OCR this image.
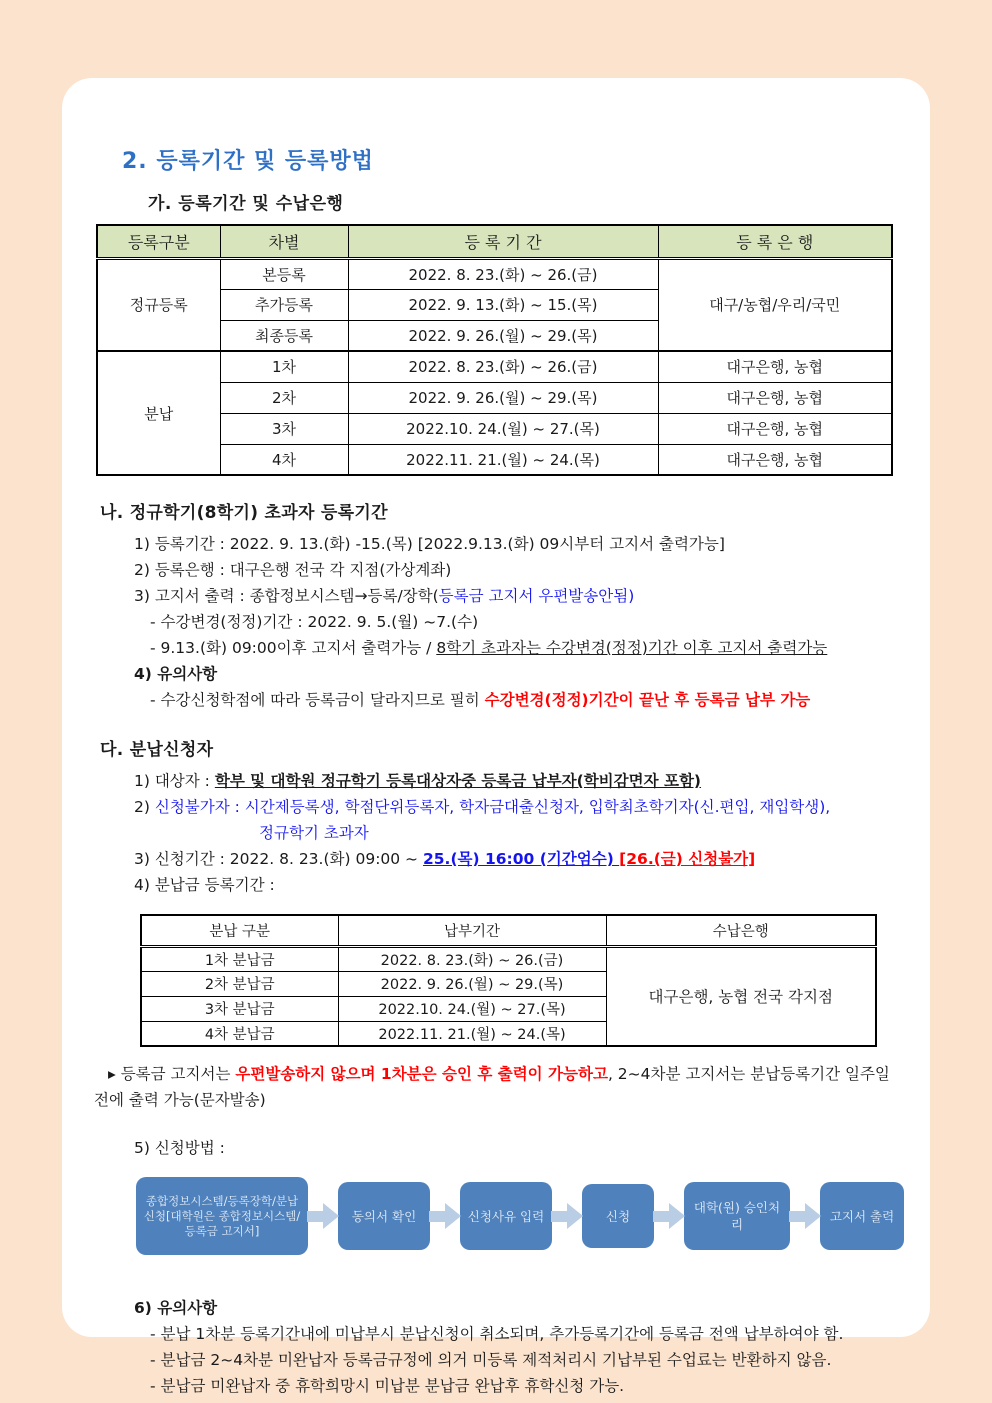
2. 등록기간 및 등록방법
가. 등록기간 및 수납은행
등록구분	차별	등 록 기 간	등 록 은 행
정규등록	본등록	2022. 8. 23.(화) ~ 26.(금)	대구/농협/우리/국민
	추가등록	2022. 9. 13.(화) ~ 15.(목)	
	최종등록	2022. 9. 26.(월) ~ 29.(목)	
분납	1차	2022. 8. 23.(화) ~ 26.(금)	대구은행, 농협
	2차	2022. 9. 26.(월) ~ 29.(목)	대구은행, 농협
	3차	2022.10. 24.(월) ~ 27.(목)	대구은행, 농협
	4차	2022.11. 21.(월) ~ 24.(목)	대구은행, 농협
나. 정규학기(8학기) 초과자 등록기간
1) 등록기간 : 2022. 9. 13.(화) -15.(목) [2022.9.13.(화) 09시부터 고지서 출력가능]
2) 등록은행 : 대구은행 전국 각 지점(가상계좌)
3) 고지서 출력 : 종합정보시스템→등록/장학(등록금 고지서 우편발송안됨)
- 수강변경(정정)기간 : 2022. 9. 5.(월) ~7.(수)
- 9.13.(화) 09:00이후 고지서 출력가능 / 8학기 초과자는 수강변경(정정)기간 이후 고지서 출력가능
4) 유의사항
- 수강신청학점에 따라 등록금이 달라지므로 필히 수강변경(정정)기간이 끝난 후 등록금 납부 가능
다. 분납신청자
1) 대상자 : 학부 및 대학원 정규학기 등록대상자중 등록금 납부자(학비감면자 포함)
2) 신청불가자 : 시간제등록생, 학점단위등록자, 학자금대출신청자, 입학최초학기자(신.편입, 재입학생),
정규학기 초과자
3) 신청기간 : 2022. 8. 23.(화) 09:00 ~ 25.(목) 16:00 (기간엄수) [26.(금) 신청불가]
4) 분납금 등록기간 :
분납 구분	납부기간	수납은행
1차 분납금	2022. 8. 23.(화) ~ 26.(금)	대구은행, 농협 전국 각지점
2차 분납금	2022. 9. 26.(월) ~ 29.(목)	
3차 분납금	2022.10. 24.(월) ~ 27.(목)	
4차 분납금	2022.11. 21.(월) ~ 24.(목)	
▸ 등록금 고지서는 우편발송하지 않으며 1차분은 승인 후 출력이 가능하고, 2~4차분 고지서는 분납등록기간 일주일전에 출력 가능(문자발송)
5) 신청방법 :
종합정보시스템/등록장학/분납신청[대학원은 종합정보시스템/등록금 고지서]
동의서 확인	신청사유 입력	신청
대학(원) 승인처리
고지서 출력
6) 유의사항
- 분납 1차분 등록기간내에 미납부시 분납신청이 취소되며, 추가등록기간에 등록금 전액 납부하여야 함.
- 분납금 2~4차분 미완납자 등록금규정에 의거 미등록 제적처리시 기납부된 수업료는 반환하지 않음.
- 분납금 미완납자 중 휴학희망시 미납분 분납금 완납후 휴학신청 가능.
